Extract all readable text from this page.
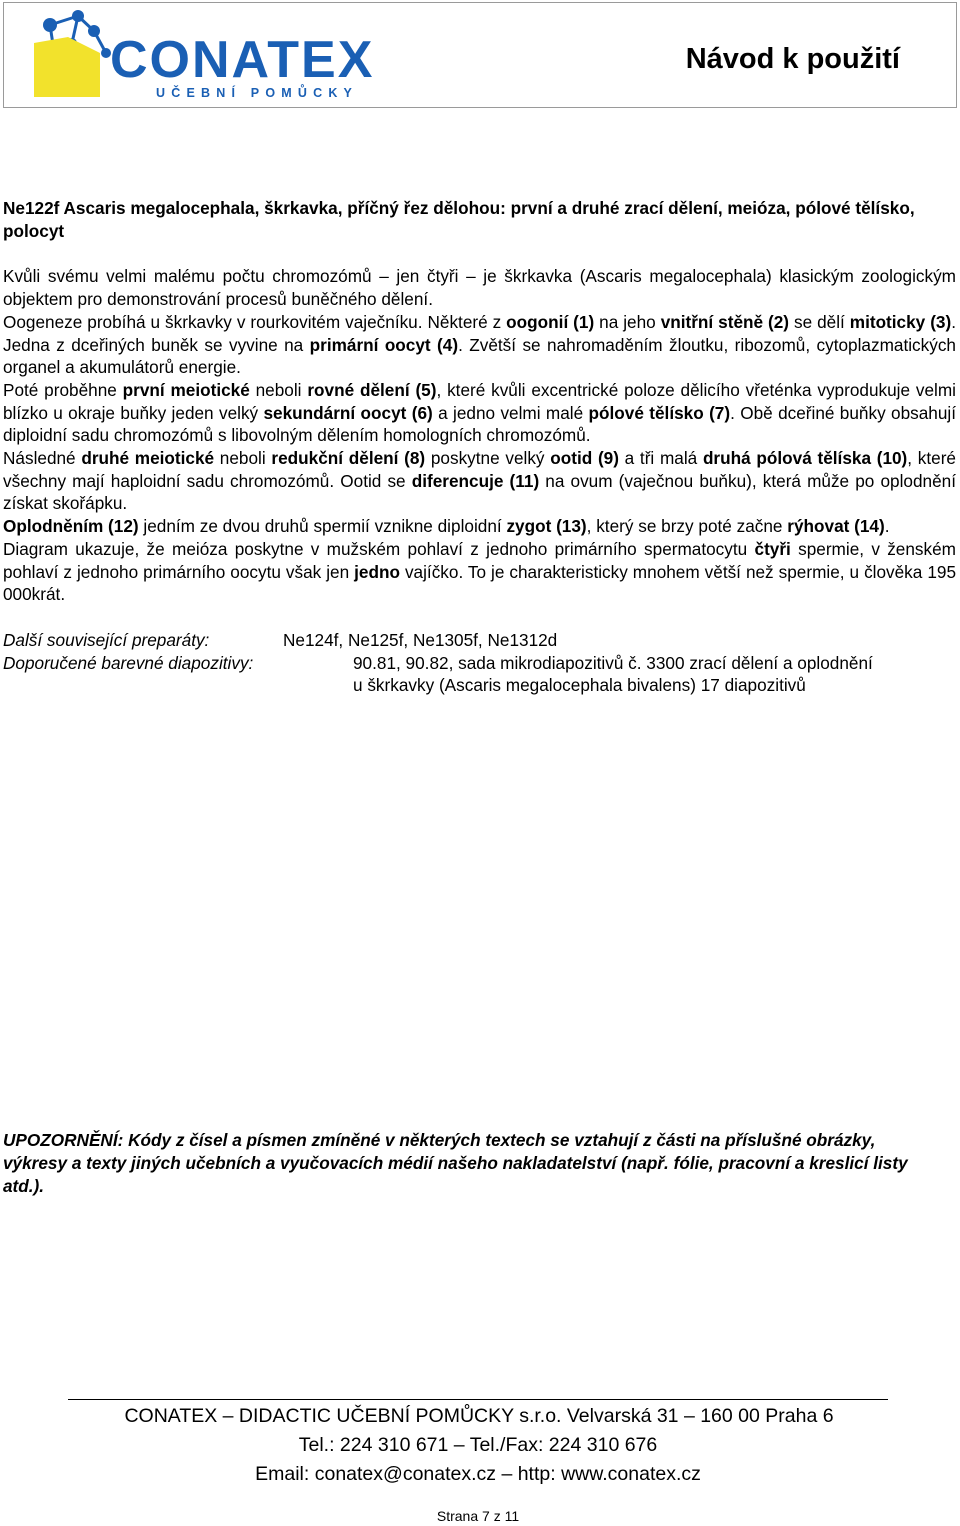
CONATEX
UČEBNÍ POMŮCKY
Návod k použití

Ne122f Ascaris megalocephala, škrkavka, příčný řez dělohou: první a druhé zrací dělení, meióza, pólové tělísko, polocyt

Kvůli svému velmi malému počtu chromozómů – jen čtyři – je škrkavka (Ascaris megalocephala) klasickým zoologickým objektem pro demonstrování procesů buněčného dělení.

Oogeneze probíhá u škrkavky v rourkovitém vaječníku. Některé z oogonií (1) na jeho vnitřní stěně (2) se dělí mitoticky (3). Jedna z dceřiných buněk se vyvine na primární oocyt (4). Zvětší se nahromaděním žloutku, ribozomů, cytoplazmatických organel a akumulátorů energie.

Poté proběhne první meiotické neboli rovné dělení (5), které kvůli excentrické poloze dělicího vřeténka vyprodukuje velmi blízko u okraje buňky jeden velký sekundární oocyt (6) a jedno velmi malé pólové tělísko (7). Obě dceřiné buňky obsahují diploidní sadu chromozómů s libovolným dělením homologních chromozómů.

Následné druhé meiotické neboli redukční dělení (8) poskytne velký ootid (9) a tři malá druhá pólová tělíska (10), které všechny mají haploidní sadu chromozómů. Ootid se diferencuje (11) na ovum (vaječnou buňku), která může po oplodnění získat skořápku.

Oplodněním (12) jedním ze dvou druhů spermií vznikne diploidní zygot (13), který se brzy poté začne rýhovat (14).

Diagram ukazuje, že meióza poskytne v mužském pohlaví z jednoho primárního spermatocytu čtyři spermie, v ženském pohlaví z jednoho primárního oocytu však jen jedno vajíčko. To je charakteristicky mnohem větší než spermie, u člověka 195 000krát.

Další související preparáty:	Ne124f, Ne125f, Ne1305f, Ne1312d
Doporučené barevné diapozitivy:	90.81, 90.82, sada mikrodiapozitivů č. 3300 zrací dělení a oplodnění
u škrkavky (Ascaris megalocephala bivalens) 17 diapozitivů
UPOZORNĚNÍ: Kódy z čísel a písmen zmíněné v některých textech se vztahují z části na příslušné obrázky, výkresy a texty jiných učebních a vyučovacích médií našeho nakladatelství (např. fólie, pracovní a kreslicí listy atd.).
CONATEX – DIDACTIC UČEBNÍ POMŮCKY s.r.o. Velvarská 31 – 160 00 Praha 6
Tel.: 224 310 671 – Tel./Fax: 224 310 676
Email: conatex@conatex.cz – http: www.conatex.cz
Strana 7 z 11
